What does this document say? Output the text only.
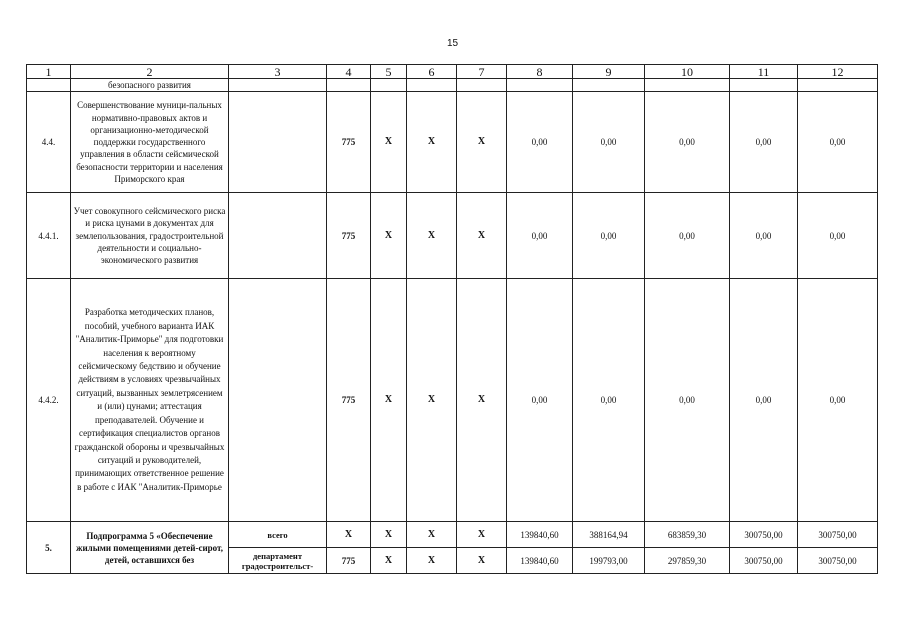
15
1	2	3	4	5	6	7	8	9	10	11	12
	безопасного развития										
4.4.	Совершенствование муници-пальных нормативно-правовых актов и организационно-методической поддержки государственного управления в области сейсмической безопасности территории и населения Приморского края		775	X	X	X	0,00	0,00	0,00	0,00	0,00
4.4.1.	Учет совокупного сейсмического риска и риска цунами в документах для землепользования, градостроительной деятельности и социально-экономического развития		775	X	X	X	0,00	0,00	0,00	0,00	0,00
4.4.2.	Разработка методических планов, пособий, учебного варианта ИАК "Аналитик-Приморье" для подготовки населения к вероятному сейсмическому бедствию и обучение действиям в условиях чрезвычайных ситуаций, вызванных землетрясением и (или) цунами; аттестация преподавателей. Обучение и сертификация специалистов органов гражданской обороны и чрезвычайных ситуаций и руководителей, принимающих ответственное решение в работе с ИАК "Аналитик-Приморье		775	X	X	X	0,00	0,00	0,00	0,00	0,00
5.	Подпрограмма 5 «Обеспечение жилыми помещениями детей-сирот, детей, оставшихся без	всего	X	X	X	X	139840,60	388164,94	683859,30	300750,00	300750,00
		департамент градостроительст-	775	X	X	X	139840,60	199793,00	297859,30	300750,00	300750,00
